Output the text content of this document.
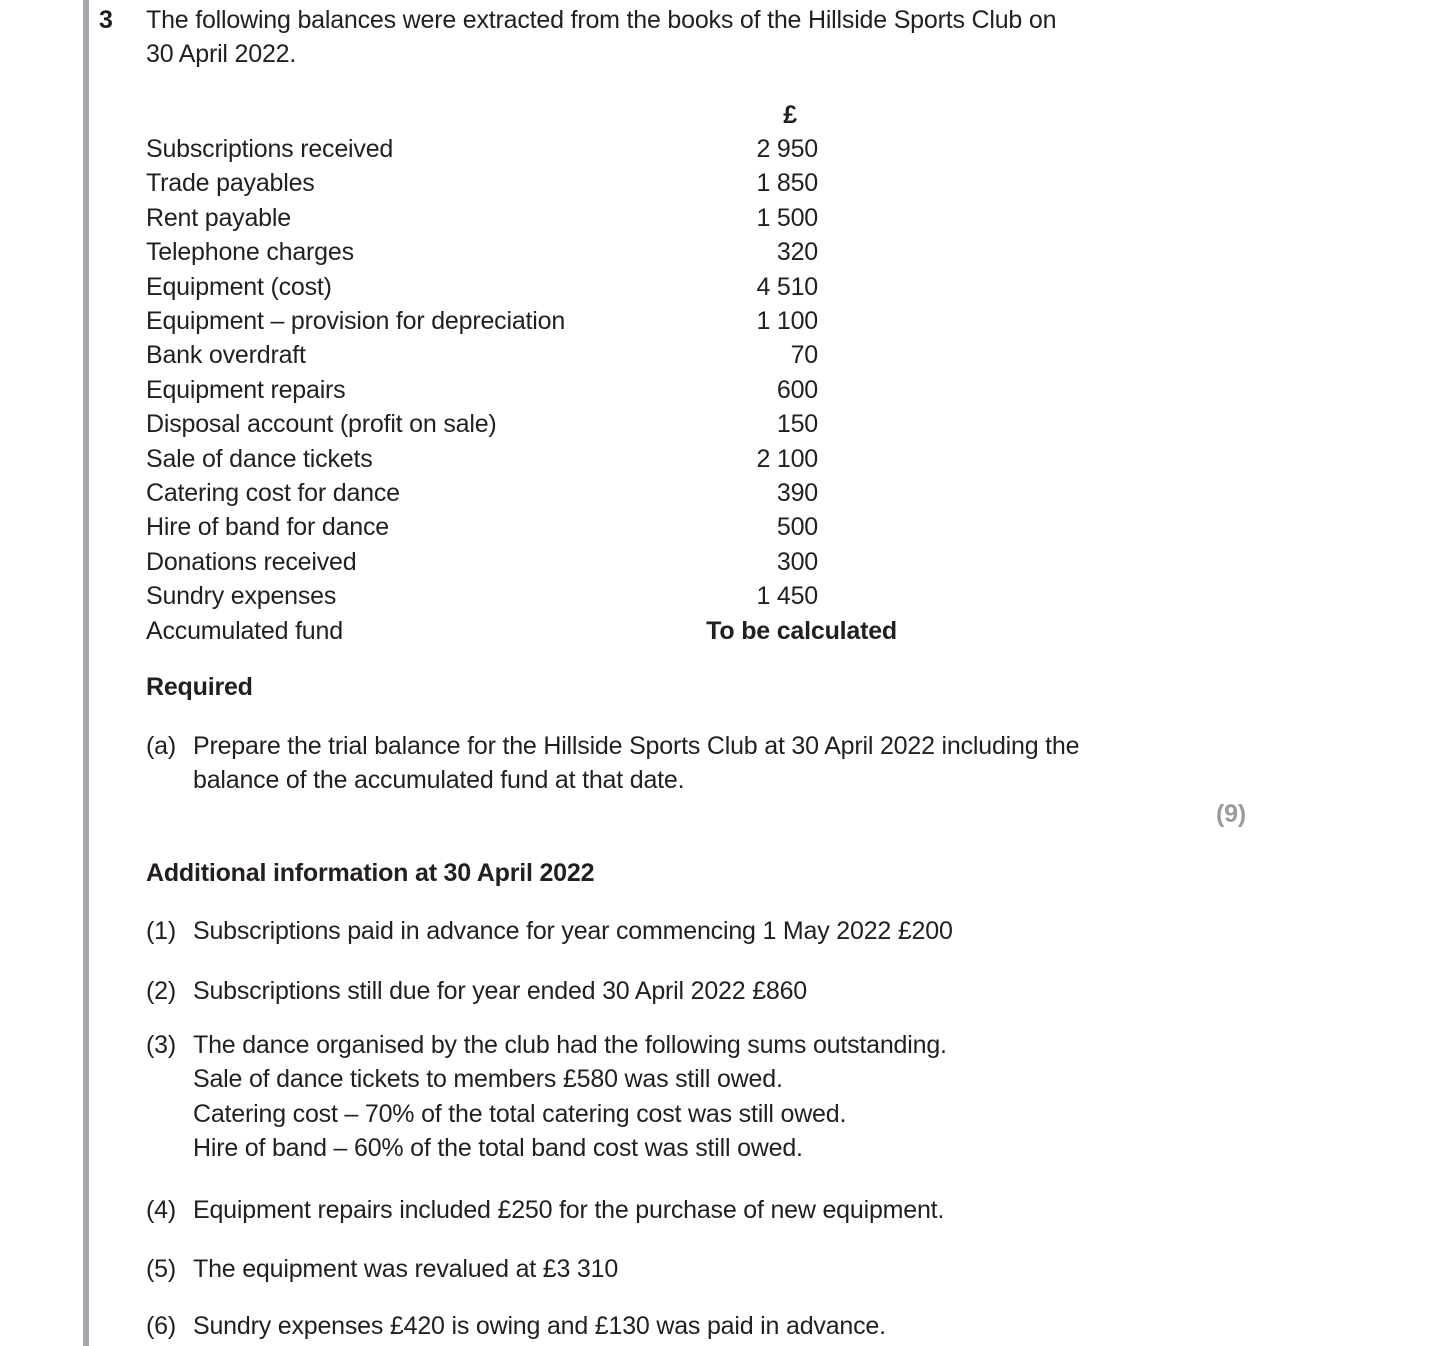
3 The following balances were extracted from the books of the Hillside Sports Club on
30 April 2022.
£
Subscriptions received	2 950
Trade payables	1 850
Rent payable	1 500
Telephone charges	320
Equipment (cost)	4 510
Equipment – provision for depreciation	1 100
Bank overdraft	70
Equipment repairs	600
Disposal account (profit on sale)	150
Sale of dance tickets	2 100
Catering cost for dance	390
Hire of band for dance	500
Donations received	300
Sundry expenses	1 450
Accumulated fund	To be calculated
Required
(a) Prepare the trial balance for the Hillside Sports Club at 30 April 2022 including the
balance of the accumulated fund at that date.
(9)
Additional information at 30 April 2022
(1) Subscriptions paid in advance for year commencing 1 May 2022 £200
(2) Subscriptions still due for year ended 30 April 2022 £860
(3) The dance organised by the club had the following sums outstanding.
Sale of dance tickets to members £580 was still owed.
Catering cost – 70% of the total catering cost was still owed.
Hire of band – 60% of the total band cost was still owed.
(4) Equipment repairs included £250 for the purchase of new equipment.
(5) The equipment was revalued at £3 310
(6) Sundry expenses £420 is owing and £130 was paid in advance.
